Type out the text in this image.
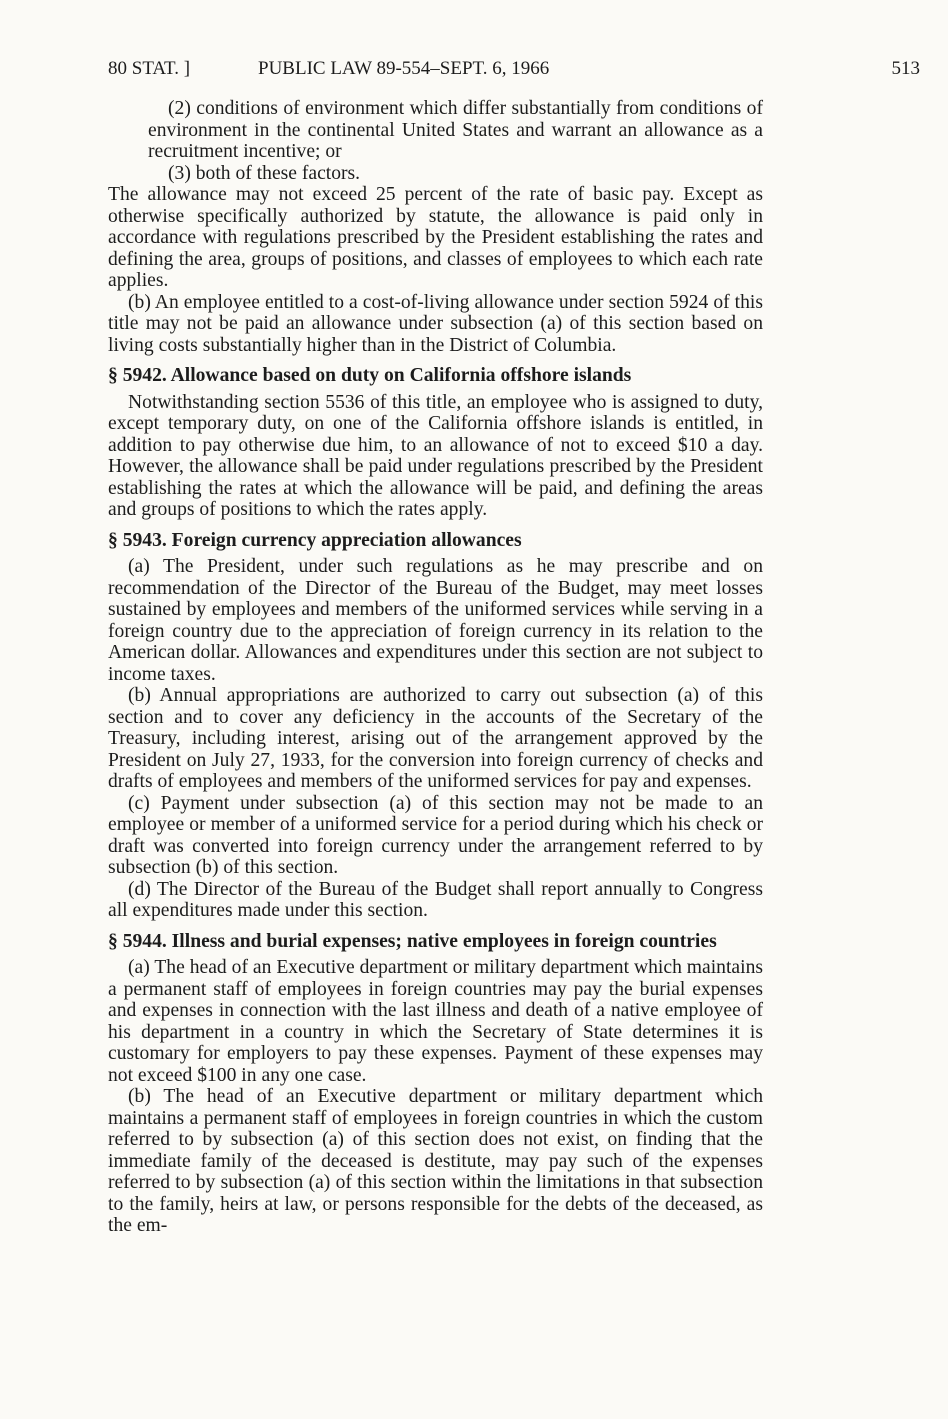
80 STAT. ]	PUBLIC LAW 89-554–SEPT. 6, 1966	513

(2) conditions of environment which differ substantially from conditions of environment in the continental United States and warrant an allowance as a recruitment incentive; or

(3) both of these factors.

The allowance may not exceed 25 percent of the rate of basic pay. Except as otherwise specifically authorized by statute, the allowance is paid only in accordance with regulations prescribed by the President establishing the rates and defining the area, groups of positions, and classes of employees to which each rate applies.

(b) An employee entitled to a cost-of-living allowance under section 5924 of this title may not be paid an allowance under subsection (a) of this section based on living costs substantially higher than in the District of Columbia.

§ 5942. Allowance based on duty on California offshore islands

Notwithstanding section 5536 of this title, an employee who is assigned to duty, except temporary duty, on one of the California offshore islands is entitled, in addition to pay otherwise due him, to an allowance of not to exceed $10 a day. However, the allowance shall be paid under regulations prescribed by the President establishing the rates at which the allowance will be paid, and defining the areas and groups of positions to which the rates apply.

§ 5943. Foreign currency appreciation allowances

(a) The President, under such regulations as he may prescribe and on recommendation of the Director of the Bureau of the Budget, may meet losses sustained by employees and members of the uniformed services while serving in a foreign country due to the appreciation of foreign currency in its relation to the American dollar. Allowances and expenditures under this section are not subject to income taxes.

(b) Annual appropriations are authorized to carry out subsection (a) of this section and to cover any deficiency in the accounts of the Secretary of the Treasury, including interest, arising out of the arrangement approved by the President on July 27, 1933, for the conversion into foreign currency of checks and drafts of employees and members of the uniformed services for pay and expenses.

(c) Payment under subsection (a) of this section may not be made to an employee or member of a uniformed service for a period during which his check or draft was converted into foreign currency under the arrangement referred to by subsection (b) of this section.

(d) The Director of the Bureau of the Budget shall report annually to Congress all expenditures made under this section.

§ 5944. Illness and burial expenses; native employees in foreign countries

(a) The head of an Executive department or military department which maintains a permanent staff of employees in foreign countries may pay the burial expenses and expenses in connection with the last illness and death of a native employee of his department in a country in which the Secretary of State determines it is customary for employers to pay these expenses. Payment of these expenses may not exceed $100 in any one case.

(b) The head of an Executive department or military department which maintains a permanent staff of employees in foreign countries in which the custom referred to by subsection (a) of this section does not exist, on finding that the immediate family of the deceased is destitute, may pay such of the expenses referred to by subsection (a) of this section within the limitations in that subsection to the family, heirs at law, or persons responsible for the debts of the deceased, as the em-
